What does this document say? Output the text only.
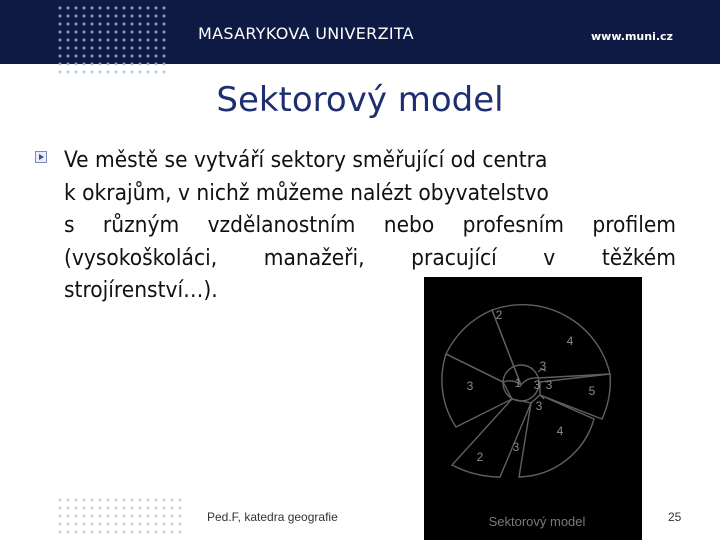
MASARYKOVA UNIVERZITA	www.muni.cz
Sektorový model
Ve městě se vytváří sektory směřující od centra
k okrajům, v nichž můžeme nalézt obyvatelstvo
s různým vzdělanostním nebo profesním profilem
(vysokoškoláci, manažeři, pracující v těžkém
strojírenství…).
1
2
3
3
3
3
3
4
4
5
2
3
Sektorový model
Ped.F, katedra geografie	25
